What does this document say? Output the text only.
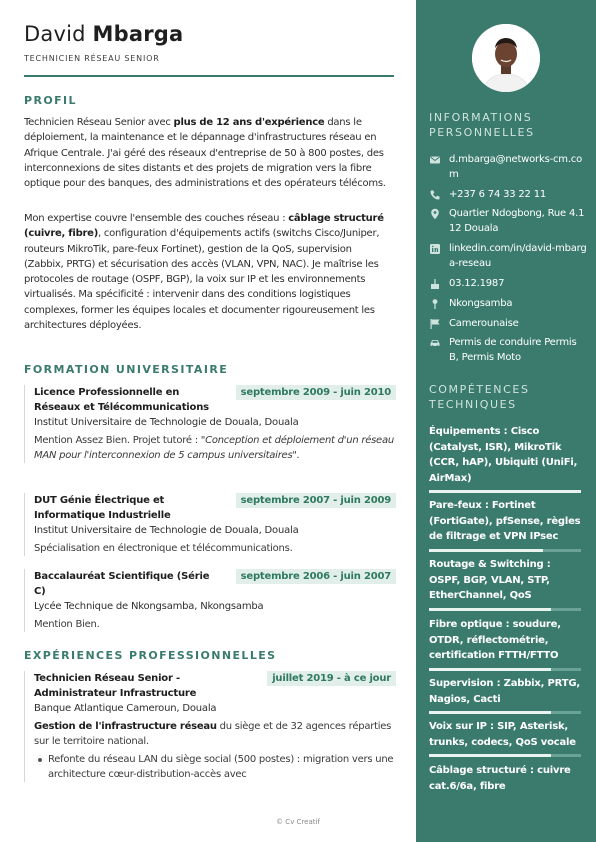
David Mbarga
TECHNICIEN RÉSEAU SENIOR
PROFIL
Technicien Réseau Senior avec plus de 12 ans d'expérience dans le déploiement, la maintenance et le dépannage d'infrastructures réseau en Afrique Centrale. J'ai géré des réseaux d'entreprise de 50 à 800 postes, des interconnexions de sites distants et des projets de migration vers la fibre optique pour des banques, des administrations et des opérateurs télécoms.
Mon expertise couvre l'ensemble des couches réseau : câblage structuré (cuivre, fibre), configuration d'équipements actifs (switchs Cisco/Juniper, routeurs MikroTik, pare-feux Fortinet), gestion de la QoS, supervision (Zabbix, PRTG) et sécurisation des accès (VLAN, VPN, NAC). Je maîtrise les protocoles de routage (OSPF, BGP), la voix sur IP et les environnements virtualisés. Ma spécificité : intervenir dans des conditions logistiques complexes, former les équipes locales et documenter rigoureusement les architectures déployées.
FORMATION UNIVERSITAIRE
Licence Professionnelle en Réseaux et Télécommunications
septembre 2009 - juin 2010
Institut Universitaire de Technologie de Douala, Douala
Mention Assez Bien. Projet tutoré : "Conception et déploiement d'un réseau MAN pour l'interconnexion de 5 campus universitaires".
DUT Génie Électrique et Informatique Industrielle
septembre 2007 - juin 2009
Institut Universitaire de Technologie de Douala, Douala
Spécialisation en électronique et télécommunications.
Baccalauréat Scientifique (Série C)
septembre 2006 - juin 2007
Lycée Technique de Nkongsamba, Nkongsamba
Mention Bien.
EXPÉRIENCES PROFESSIONNELLES
Technicien Réseau Senior - Administrateur Infrastructure
juillet 2019 - à ce jour
Banque Atlantique Cameroun, Douala
Gestion de l'infrastructure réseau du siège et de 32 agences réparties sur le territoire national.
Refonte du réseau LAN du siège social (500 postes) : migration vers une architecture cœur-distribution-accès avec
© Cv Creatif
INFORMATIONS PERSONNELLES
d.mbarga@networks-cm.com
+237 6 74 33 22 11
Quartier Ndogbong, Rue 4.112 Douala
linkedin.com/in/david-mbarga-reseau
03.12.1987
Nkongsamba
Camerounaise
Permis de conduire Permis B, Permis Moto
COMPÉTENCES TECHNIQUES
Équipements : Cisco (Catalyst, ISR), MikroTik (CCR, hAP), Ubiquiti (UniFi, AirMax)
Pare-feux : Fortinet (FortiGate), pfSense, règles de filtrage et VPN IPsec
Routage & Switching : OSPF, BGP, VLAN, STP, EtherChannel, QoS
Fibre optique : soudure, OTDR, réflectométrie, certification FTTH/FTTO
Supervision : Zabbix, PRTG, Nagios, Cacti
Voix sur IP : SIP, Asterisk, trunks, codecs, QoS vocale
Câblage structuré : cuivre cat.6/6a, fibre
